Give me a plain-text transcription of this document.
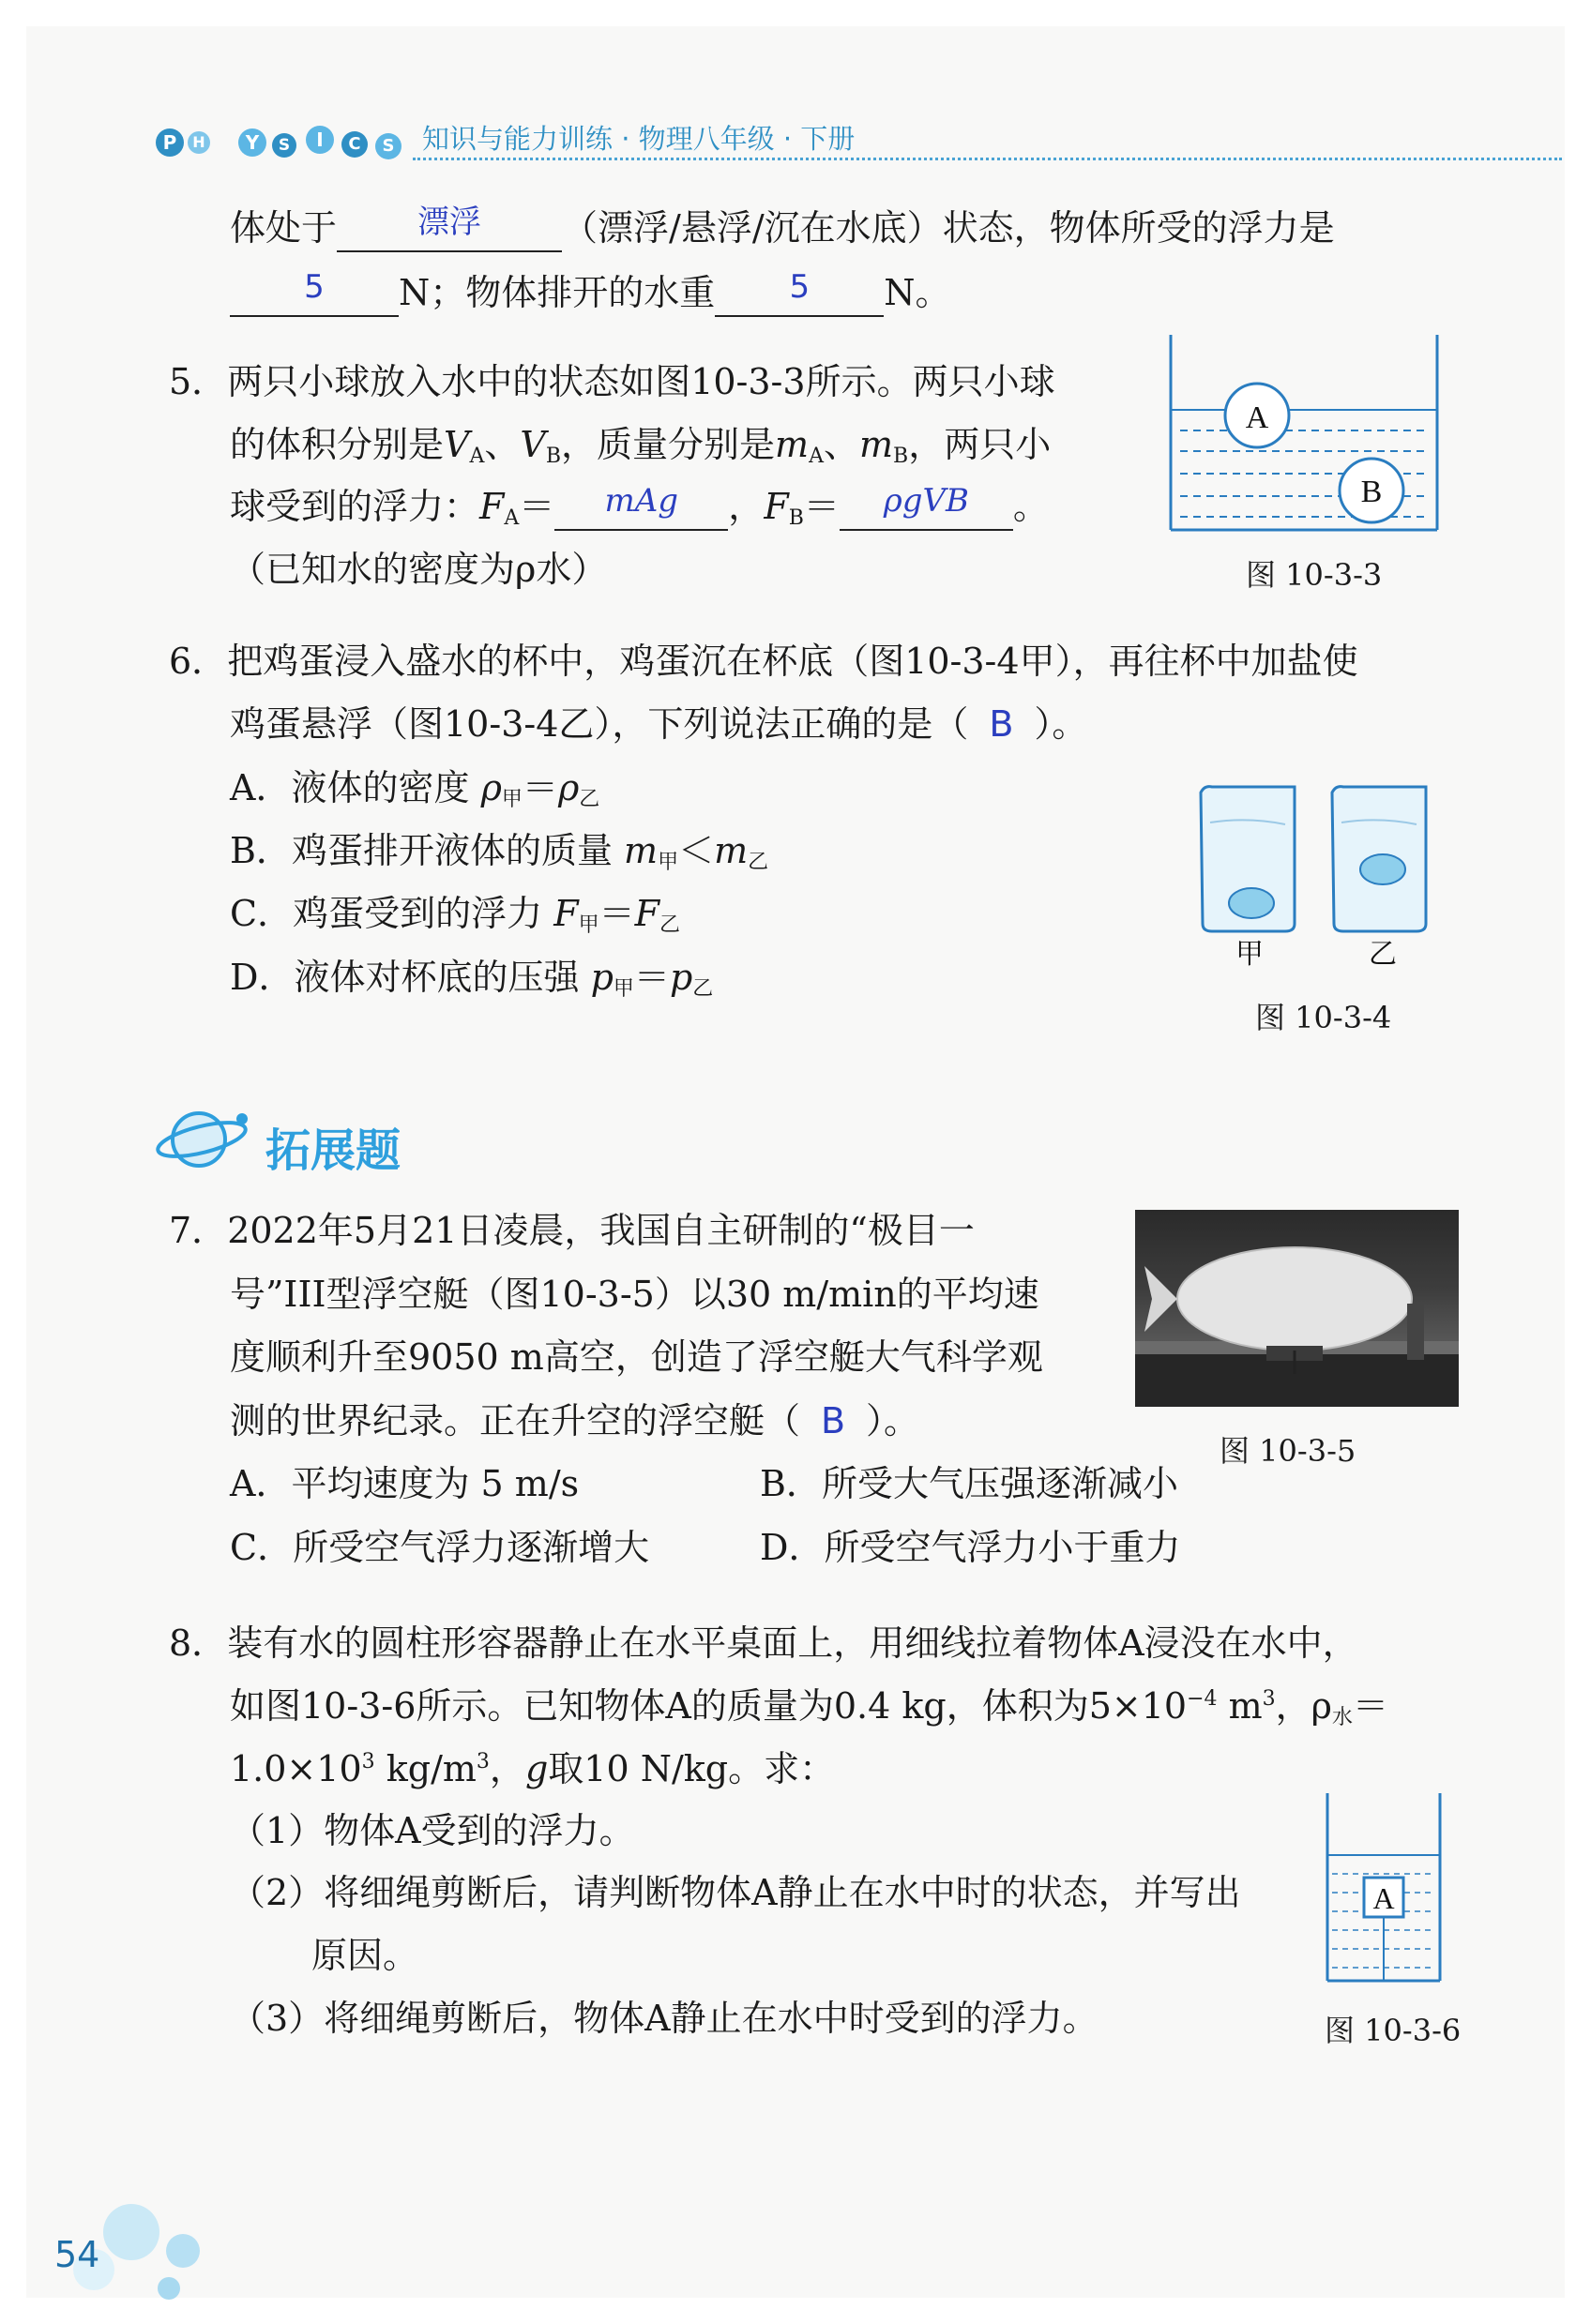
P	H	Y	S	I	C	S 知识与能力训练 · 物理八年级 · 下册
体处于	漂浮 （漂浮/悬浮/沉在水底）状态，物体所受的浮力是
5 N；物体排开的水重 5 N。
5．两只小球放入水中的状态如图10-3-3所示。两只小球
的体积分别是$V_A$、$V_B$，质量分别是$m_A$、$m_B$，两只小
球受到的浮力：$F_A=$ mAg ，$F_B= \rho gVB$ 。
（已知水的密度为ρ水）
A
B
图 10-3-3
6．把鸡蛋浸入盛水的杯中，鸡蛋沉在杯底（图10-3-4甲），再往杯中加盐使
鸡蛋悬浮（图10-3-4乙），下列说法正确的是（ B ）。
A．液体的密度 $\rho_甲=\rho_乙$
B．鸡蛋排开液体的质量 $m_甲<m_乙$
C．鸡蛋受到的浮力 $F_甲=F_乙$
D．液体对杯底的压强 $p_甲=p_乙$
甲	乙
图 10-3-4
拓展题
7．2022年5月21日凌晨，我国自主研制的“极目一
号”III型浮空艇（图10-3-5）以30 m/min的平均速
度顺利升至9050 m高空，创造了浮空艇大气科学观
测的世界纪录。正在升空的浮空艇（ B ）。
A．平均速度为 5 m/s	B．所受大气压强逐渐减小
C．所受空气浮力逐渐增大	D．所受空气浮力小于重力
图 10-3-5
8．装有水的圆柱形容器静止在水平桌面上，用细线拉着物体A浸没在水中，
如图10-3-6所示。已知物体A的质量为0.4 kg，体积为$5\times 10^{-4}$ $m^3$，$\rho_水=$
$1.0\times 10^3$ $kg/m^3$，g取10 N/kg。求：
（1）物体A受到的浮力。
（2）将细绳剪断后，请判断物体A静止在水中时的状态，并写出
原因。
（3）将细绳剪断后，物体A静止在水中时受到的浮力。
A
图 10-3-6
54
